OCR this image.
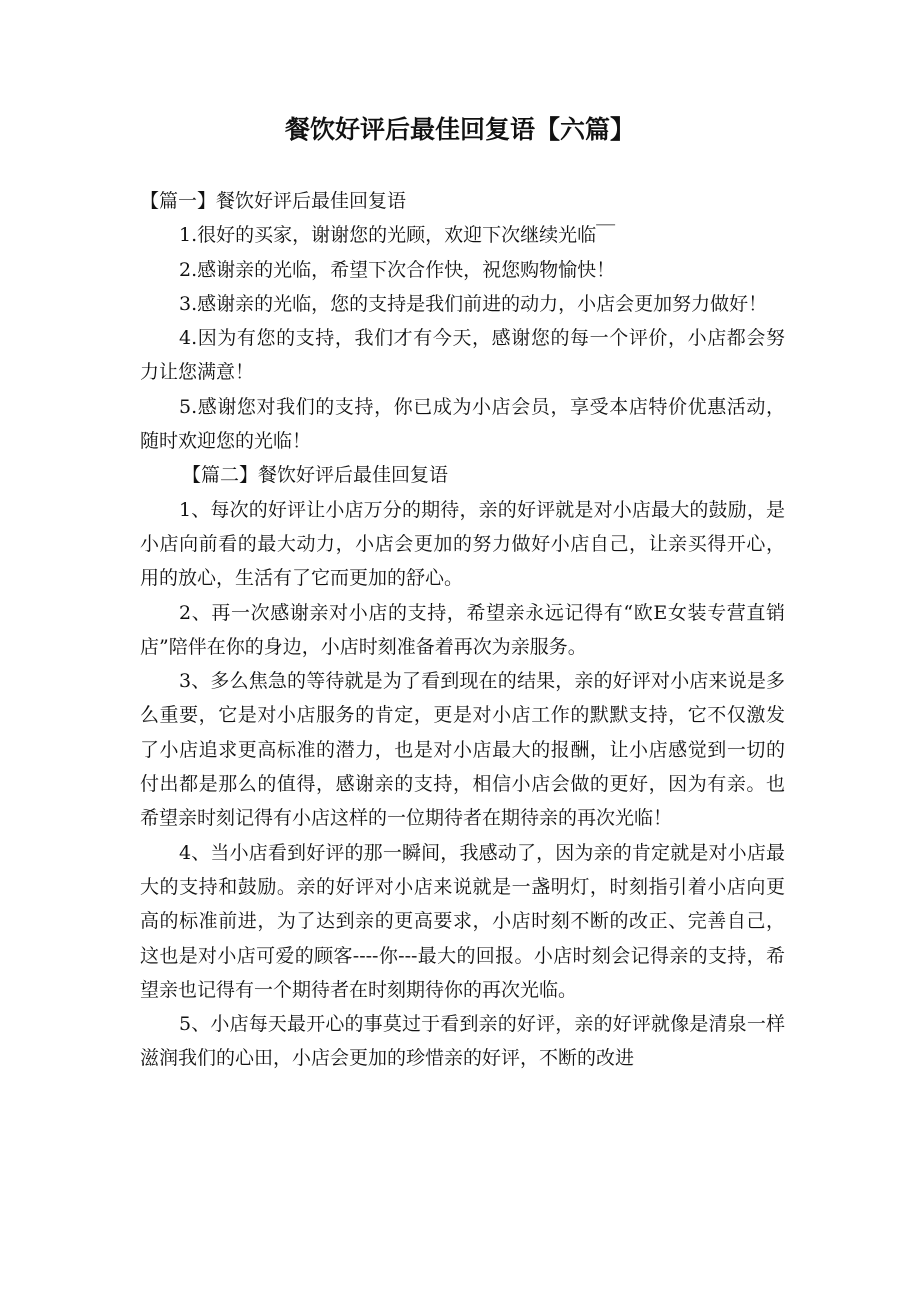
餐饮好评后最佳回复语【六篇】

【篇一】餐饮好评后最佳回复语

1.很好的买家，谢谢您的光顾，欢迎下次继续光临￣

2.感谢亲的光临，希望下次合作快，祝您购物愉快！

3.感谢亲的光临，您的支持是我们前进的动力，小店会更加努力做好！

4.因为有您的支持，我们才有今天，感谢您的每一个评价，小店都会努力让您满意！

5.感谢您对我们的支持，你已成为小店会员，享受本店特价优惠活动，随时欢迎您的光临！

【篇二】餐饮好评后最佳回复语

1、每次的好评让小店万分的期待，亲的好评就是对小店最大的鼓励，是小店向前看的最大动力，小店会更加的努力做好小店自己，让亲买得开心，用的放心，生活有了它而更加的舒心。

2、再一次感谢亲对小店的支持，希望亲永远记得有“欧E女装专营直销店”陪伴在你的身边，小店时刻准备着再次为亲服务。

3、多么焦急的等待就是为了看到现在的结果，亲的好评对小店来说是多么重要，它是对小店服务的肯定，更是对小店工作的默默支持，它不仅激发了小店追求更高标准的潜力，也是对小店最大的报酬，让小店感觉到一切的付出都是那么的值得，感谢亲的支持，相信小店会做的更好，因为有亲。也希望亲时刻记得有小店这样的一位期待者在期待亲的再次光临！

4、当小店看到好评的那一瞬间，我感动了，因为亲的肯定就是对小店最大的支持和鼓励。亲的好评对小店来说就是一盏明灯，时刻指引着小店向更高的标准前进，为了达到亲的更高要求，小店时刻不断的改正、完善自己，这也是对小店可爱的顾客----你---最大的回报。小店时刻会记得亲的支持，希望亲也记得有一个期待者在时刻期待你的再次光临。

5、小店每天最开心的事莫过于看到亲的好评，亲的好评就像是清泉一样滋润我们的心田，小店会更加的珍惜亲的好评，不断的改进
